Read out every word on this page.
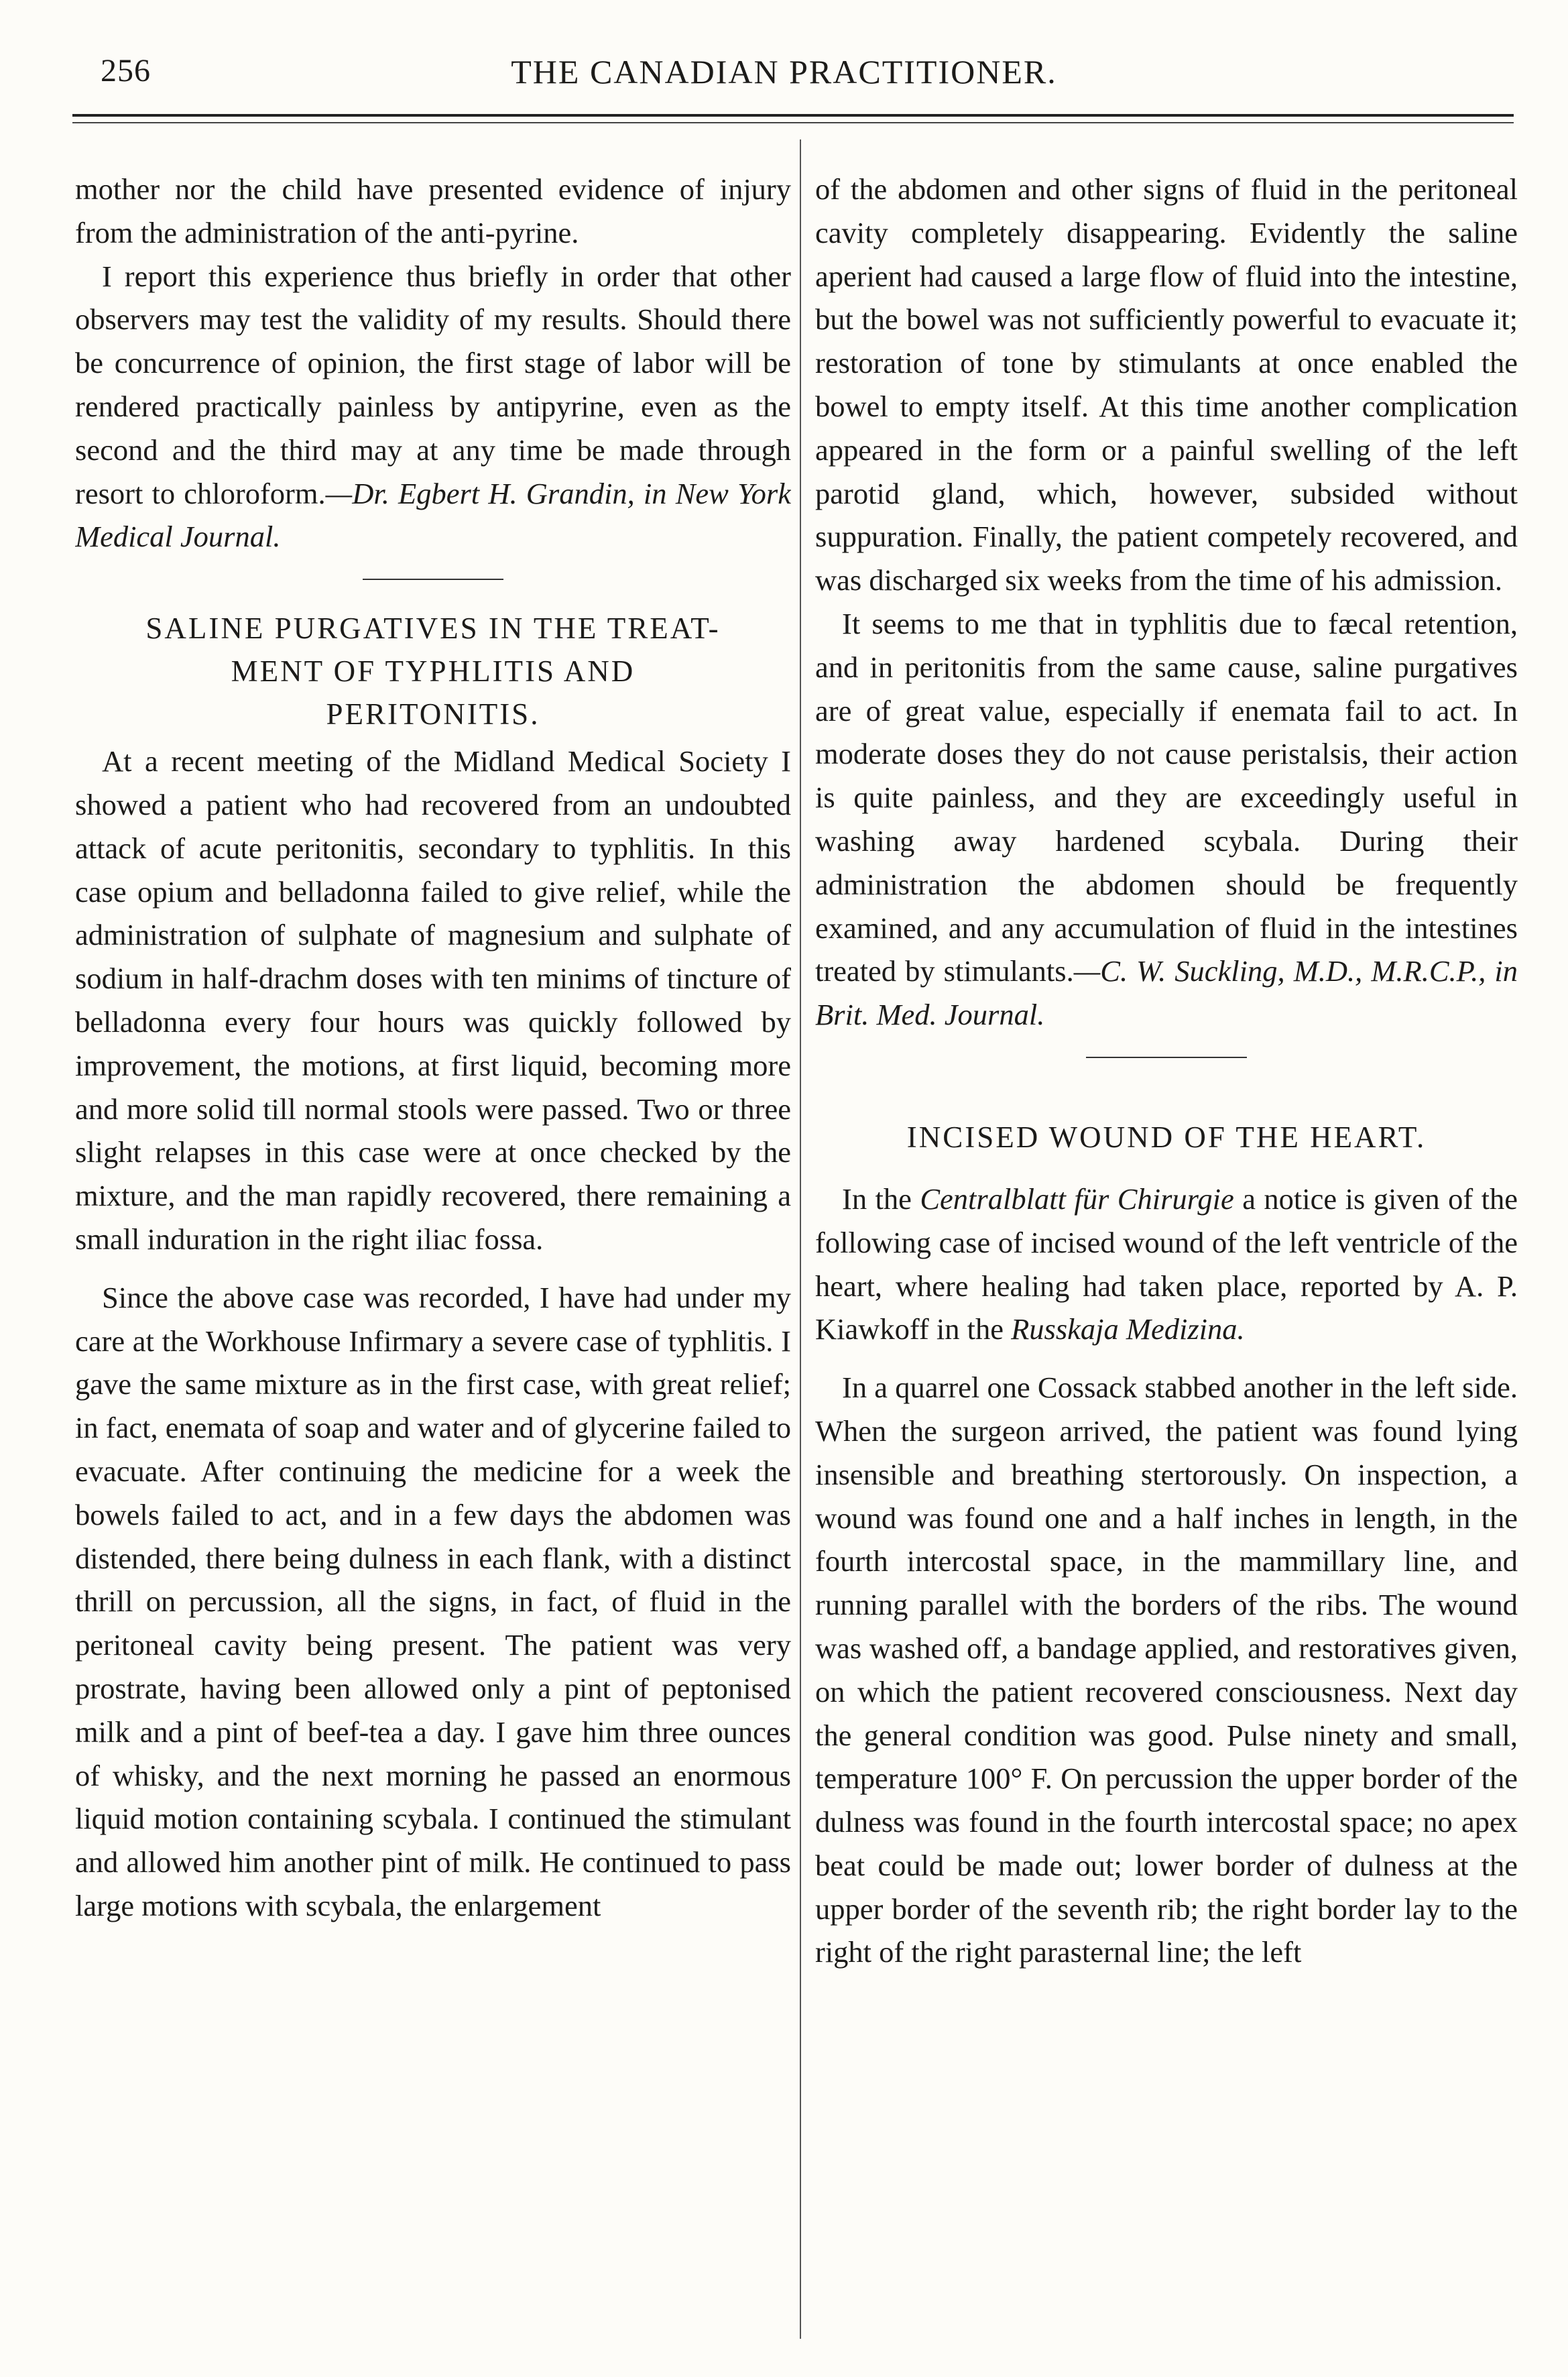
256	THE CANADIAN PRACTITIONER.

mother nor the child have presented evidence of injury from the administration of the anti-pyrine.

I report this experience thus briefly in order that other observers may test the validity of my results. Should there be concurrence of opinion, the first stage of labor will be rendered practically painless by antipyrine, even as the second and the third may at any time be made through resort to chloroform.—Dr. Egbert H. Grandin, in New York Medical Journal.

SALINE PURGATIVES IN THE TREAT-
MENT OF TYPHLITIS AND
PERITONITIS.

At a recent meeting of the Midland Medical Society I showed a patient who had recovered from an undoubted attack of acute peritonitis, secondary to typhlitis. In this case opium and belladonna failed to give relief, while the administration of sulphate of magnesium and sulphate of sodium in half-drachm doses with ten minims of tincture of belladonna every four hours was quickly followed by improvement, the motions, at first liquid, becoming more and more solid till normal stools were passed. Two or three slight relapses in this case were at once checked by the mixture, and the man rapidly recovered, there remaining a small induration in the right iliac fossa.

Since the above case was recorded, I have had under my care at the Workhouse Infirmary a severe case of typhlitis. I gave the same mixture as in the first case, with great relief; in fact, enemata of soap and water and of glycerine failed to evacuate. After continuing the medicine for a week the bowels failed to act, and in a few days the abdomen was distended, there being dulness in each flank, with a distinct thrill on percussion, all the signs, in fact, of fluid in the peritoneal cavity being present. The patient was very prostrate, having been allowed only a pint of peptonised milk and a pint of beef-tea a day. I gave him three ounces of whisky, and the next morning he passed an enormous liquid motion containing scybala. I continued the stimulant and allowed him another pint of milk. He continued to pass large motions with scybala, the enlargement

of the abdomen and other signs of fluid in the peritoneal cavity completely disappearing. Evidently the saline aperient had caused a large flow of fluid into the intestine, but the bowel was not sufficiently powerful to evacuate it; restoration of tone by stimulants at once enabled the bowel to empty itself. At this time another complication appeared in the form or a painful swelling of the left parotid gland, which, however, subsided without suppuration. Finally, the patient competely recovered, and was discharged six weeks from the time of his admission.

It seems to me that in typhlitis due to fæcal retention, and in peritonitis from the same cause, saline purgatives are of great value, especially if enemata fail to act. In moderate doses they do not cause peristalsis, their action is quite painless, and they are exceedingly useful in washing away hardened scybala. During their administration the abdomen should be frequently examined, and any accumulation of fluid in the intestines treated by stimulants.—C. W. Suckling, M.D., M.R.C.P., in Brit. Med. Journal.

INCISED WOUND OF THE HEART.

In the Centralblatt für Chirurgie a notice is given of the following case of incised wound of the left ventricle of the heart, where healing had taken place, reported by A. P. Kiawkoff in the Russkaja Medizina.

In a quarrel one Cossack stabbed another in the left side. When the surgeon arrived, the patient was found lying insensible and breathing stertorously. On inspection, a wound was found one and a half inches in length, in the fourth intercostal space, in the mammillary line, and running parallel with the borders of the ribs. The wound was washed off, a bandage applied, and restoratives given, on which the patient recovered consciousness. Next day the general condition was good. Pulse ninety and small, temperature 100° F. On percussion the upper border of the dulness was found in the fourth intercostal space; no apex beat could be made out; lower border of dulness at the upper border of the seventh rib; the right border lay to the right of the right parasternal line; the left
